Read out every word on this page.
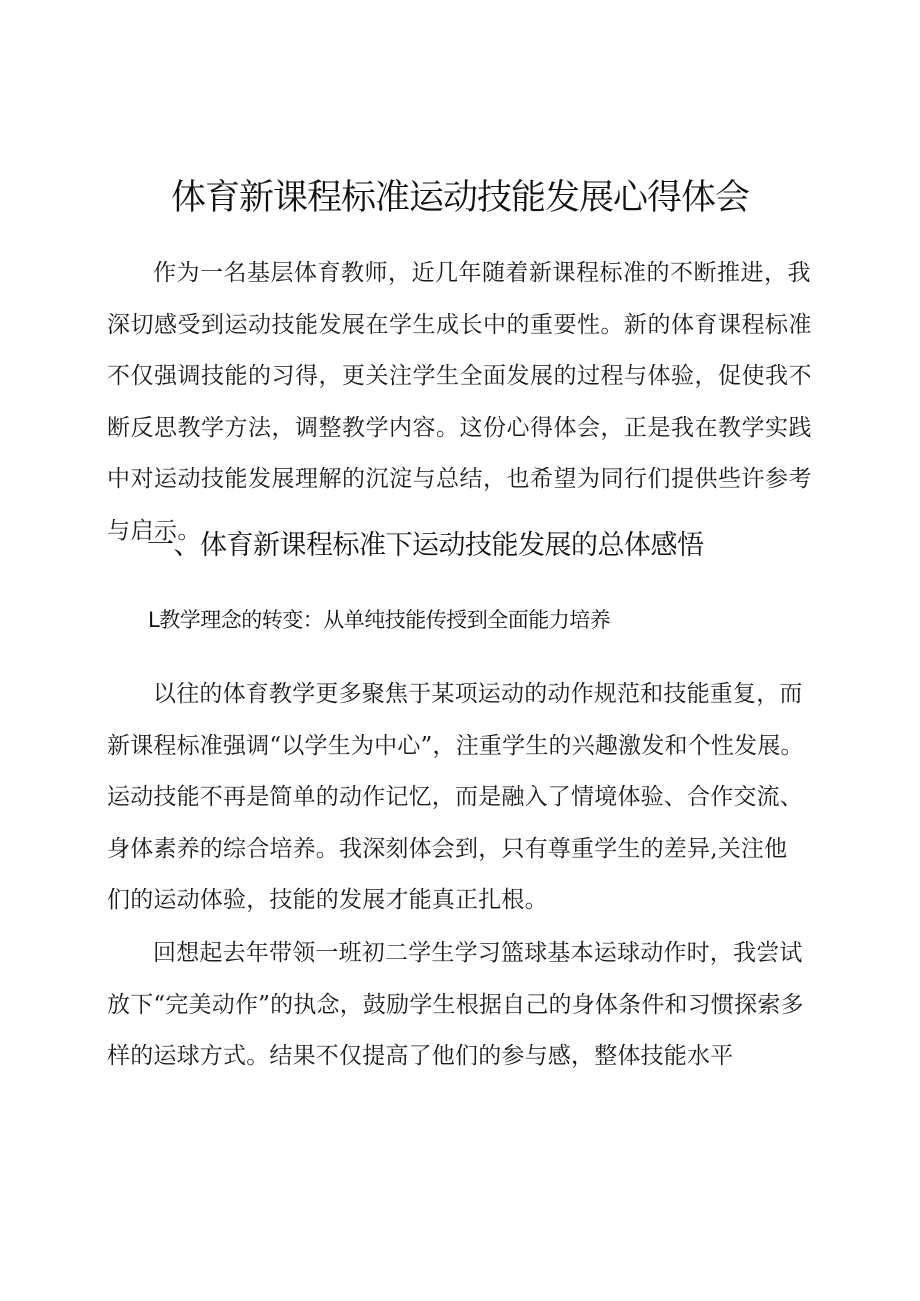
体育新课程标准运动技能发展心得体会

作为一名基层体育教师，近几年随着新课程标准的不断推进，我深切感受到运动技能发展在学生成长中的重要性。新的体育课程标准不仅强调技能的习得，更关注学生全面发展的过程与体验，促使我不断反思教学方法，调整教学内容。这份心得体会，正是我在教学实践中对运动技能发展理解的沉淀与总结，也希望为同行们提供些许参考与启示。

一、体育新课程标准下运动技能发展的总体感悟
L教学理念的转变：从单纯技能传授到全面能力培养

以往的体育教学更多聚焦于某项运动的动作规范和技能重复，而新课程标准强调“以学生为中心”，注重学生的兴趣激发和个性发展。运动技能不再是简单的动作记忆，而是融入了情境体验、合作交流、身体素养的综合培养。我深刻体会到，只有尊重学生的差异,关注他们的运动体验，技能的发展才能真正扎根。

回想起去年带领一班初二学生学习篮球基本运球动作时，我尝试放下“完美动作”的执念，鼓励学生根据自己的身体条件和习惯探索多样的运球方式。结果不仅提高了他们的参与感，整体技能水平
